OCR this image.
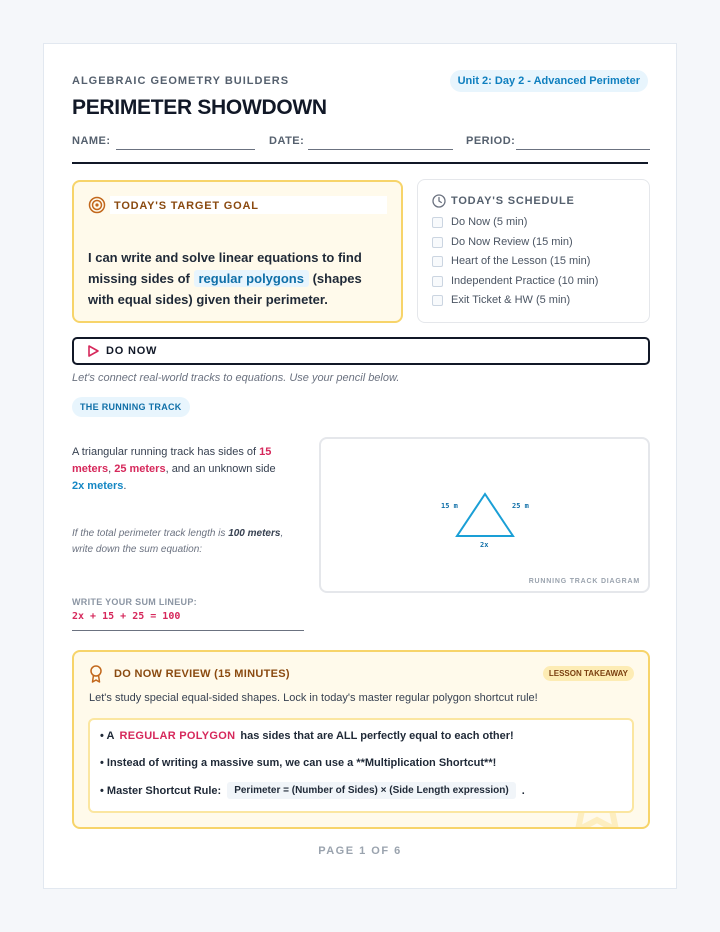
ALGEBRAIC GEOMETRY BUILDERS	Unit 2: Day 2 - Advanced Perimeter
PERIMETER SHOWDOWN
NAME:	DATE:	PERIOD:
TODAY'S TARGET GOAL
I can write and solve linear equations to find missing sides of regular polygons (shapes with equal sides) given their perimeter.
TODAY'S SCHEDULE
Do Now (5 min)
Do Now Review (15 min)
Heart of the Lesson (15 min)
Independent Practice (10 min)
Exit Ticket & HW (5 min)
DO NOW
Let's connect real-world tracks to equations. Use your pencil below.
THE RUNNING TRACK
A triangular running track has sides of 15 meters, 25 meters, and an unknown side 2x meters.
If the total perimeter track length is 100 meters, write down the sum equation:
WRITE YOUR SUM LINEUP:
2x + 15 + 25 = 100
15 m	25 m
2x
RUNNING TRACK DIAGRAM
DO NOW REVIEW (15 MINUTES)	LESSON TAKEAWAY
Let's study special equal-sided shapes. Lock in today's master regular polygon shortcut rule!
• A REGULAR POLYGON has sides that are ALL perfectly equal to each other!
• Instead of writing a massive sum, we can use a **Multiplication Shortcut**!
• Master Shortcut Rule:	Perimeter = (Number of Sides) × (Side Length expression)	.
PAGE 1 OF 6
